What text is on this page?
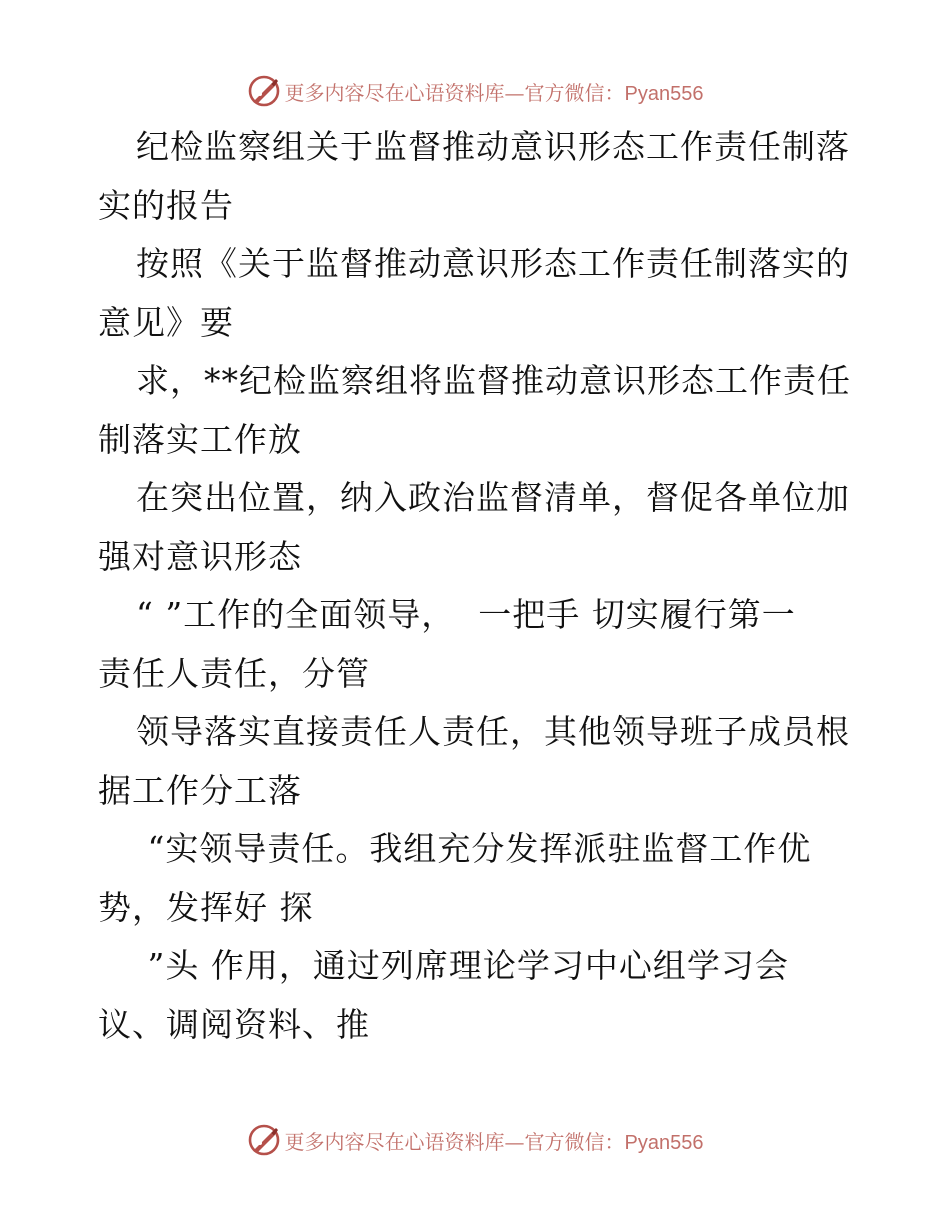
更多内容尽在心语资料库—官方微信：Pyan556
纪检监察组关于监督推动意识形态工作责任制落
实的报告
按照《关于监督推动意识形态工作责任制落实的
意见》要
求，**纪检监察组将监督推动意识形态工作责任
制落实工作放
在突出位置，纳入政治监督清单，督促各单位加
强对意识形态
“ ”工作的全面领导，  一把手 切实履行第一
责任人责任，分管
领导落实直接责任人责任，其他领导班子成员根
据工作分工落
“实领导责任。我组充分发挥派驻监督工作优
势，发挥好 探
”头 作用，通过列席理论学习中心组学习会
议、调阅资料、推
更多内容尽在心语资料库—官方微信：Pyan556
